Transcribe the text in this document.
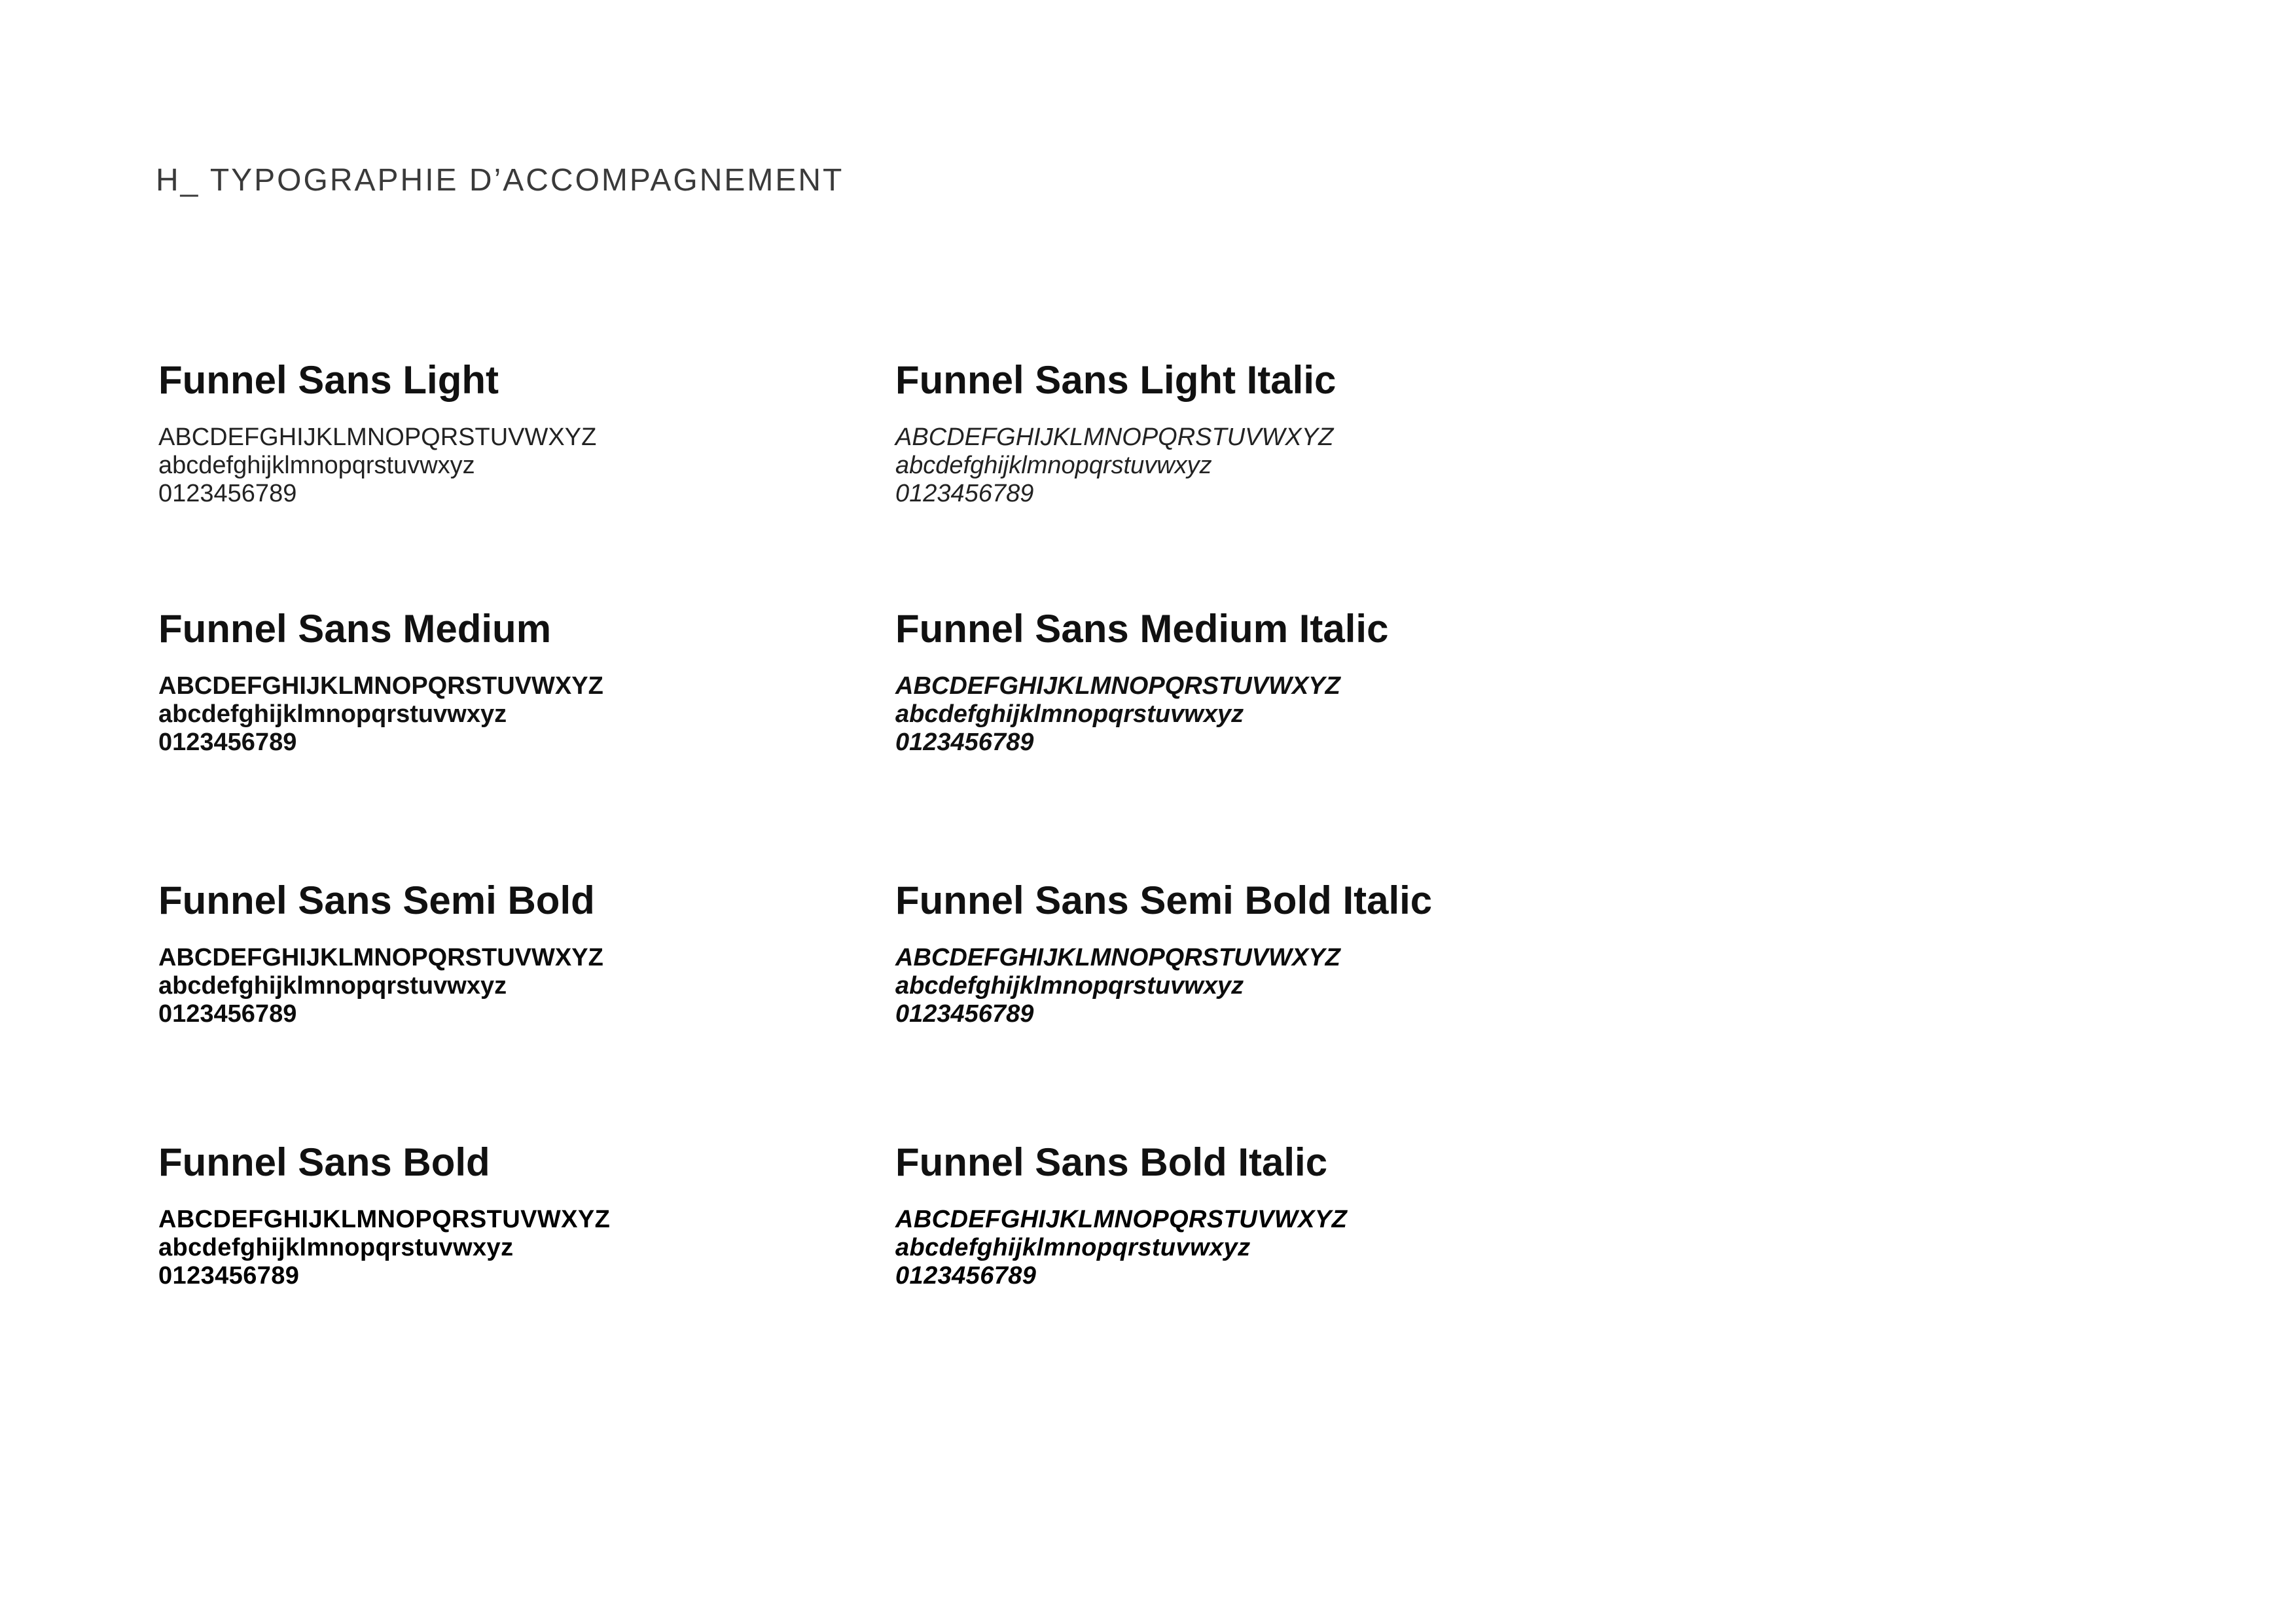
H_ TYPOGRAPHIE D’ACCOMPAGNEMENT
Funnel Sans Light
ABCDEFGHIJKLMNOPQRSTUVWXYZ
abcdefghijklmnopqrstuvwxyz
0123456789
Funnel Sans Light Italic
ABCDEFGHIJKLMNOPQRSTUVWXYZ
abcdefghijklmnopqrstuvwxyz
0123456789
Funnel Sans Medium
ABCDEFGHIJKLMNOPQRSTUVWXYZ
abcdefghijklmnopqrstuvwxyz
0123456789
Funnel Sans Medium Italic
ABCDEFGHIJKLMNOPQRSTUVWXYZ
abcdefghijklmnopqrstuvwxyz
0123456789
Funnel Sans Semi Bold
ABCDEFGHIJKLMNOPQRSTUVWXYZ
abcdefghijklmnopqrstuvwxyz
0123456789
Funnel Sans Semi Bold Italic
ABCDEFGHIJKLMNOPQRSTUVWXYZ
abcdefghijklmnopqrstuvwxyz
0123456789
Funnel Sans Bold
ABCDEFGHIJKLMNOPQRSTUVWXYZ
abcdefghijklmnopqrstuvwxyz
0123456789
Funnel Sans Bold Italic
ABCDEFGHIJKLMNOPQRSTUVWXYZ
abcdefghijklmnopqrstuvwxyz
0123456789
